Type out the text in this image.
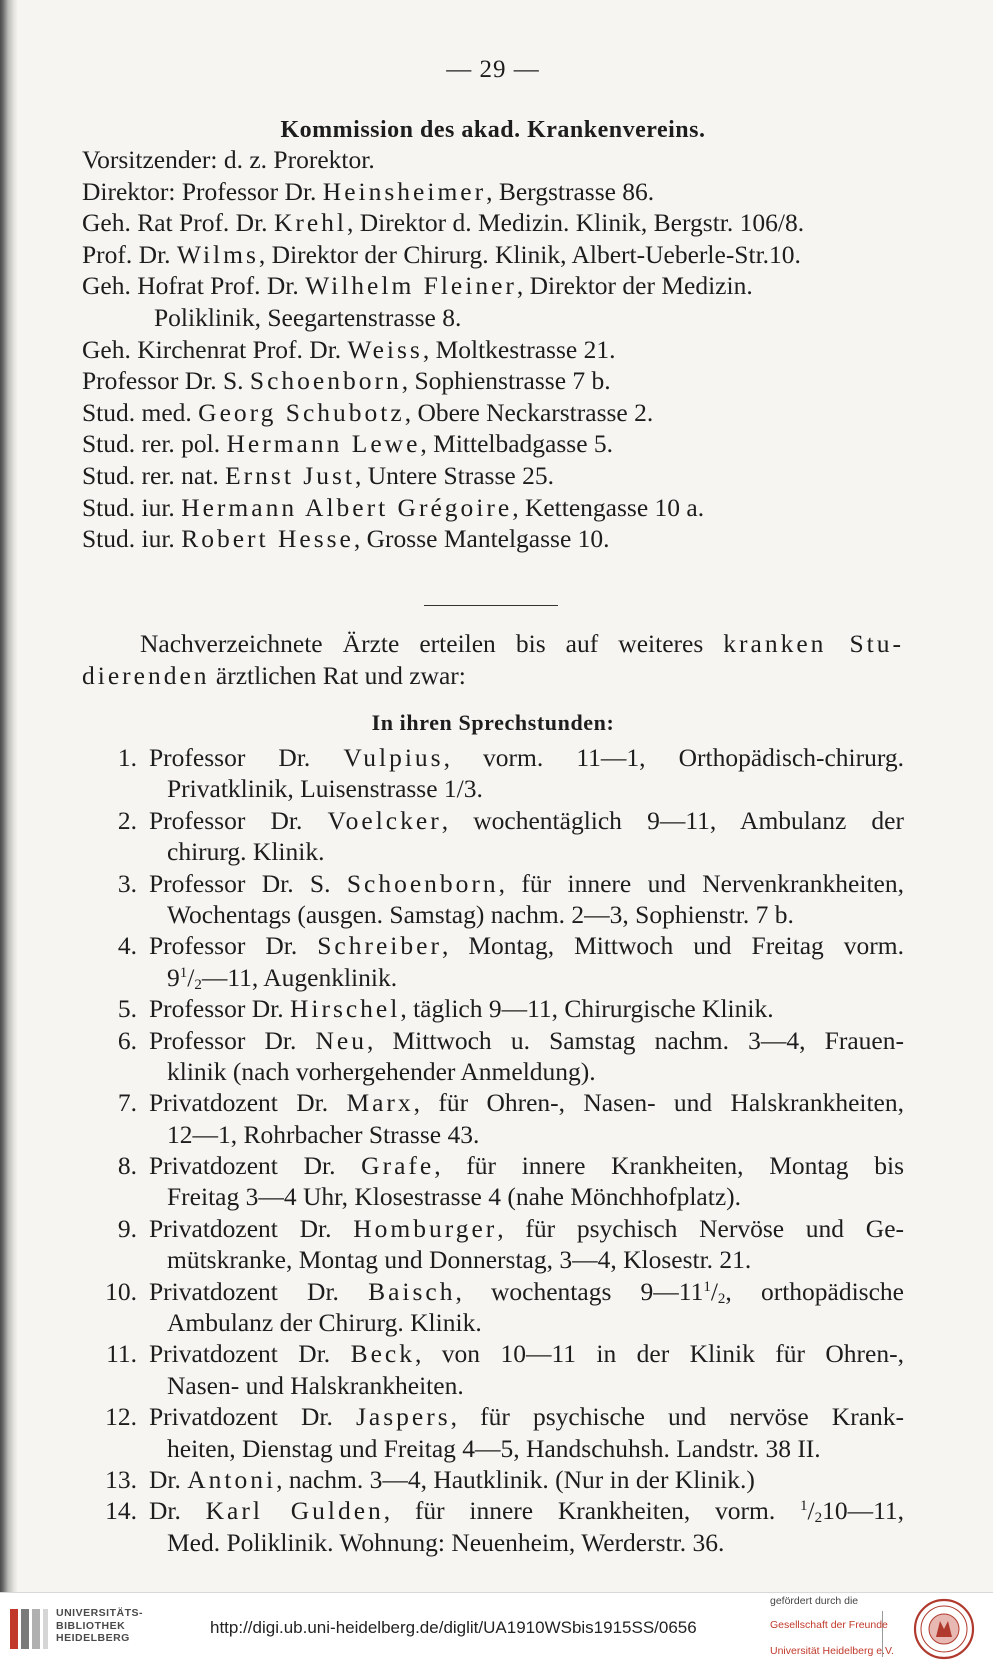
— 29 —
Kommission des akad. Krankenvereins.
Vorsitzender: d. z. Prorektor.
Direktor: Professor Dr. Heinsheimer, Bergstrasse 86.
Geh. Rat Prof. Dr. Krehl, Direktor d. Medizin. Klinik, Bergstr. 106/8.
Prof. Dr. Wilms, Direktor der Chirurg. Klinik, Albert-Ueberle-Str.10.
Geh. Hofrat Prof. Dr. Wilhelm Fleiner, Direktor der Medizin.
Poliklinik, Seegartenstrasse 8.
Geh. Kirchenrat Prof. Dr. Weiss, Moltkestrasse 21.
Professor Dr. S. Schoenborn, Sophienstrasse 7 b.
Stud. med. Georg Schubotz, Obere Neckarstrasse 2.
Stud. rer. pol. Hermann Lewe, Mittelbadgasse 5.
Stud. rer. nat. Ernst Just, Untere Strasse 25.
Stud. iur. Hermann Albert Grégoire, Kettengasse 10 a.
Stud. iur. Robert Hesse, Grosse Mantelgasse 10.
Nachverzeichnete Ärzte erteilen bis auf weiteres kranken Stu-
dierenden ärztlichen Rat und zwar:
In ihren Sprechstunden:
1. Professor Dr. Vulpius, vorm. 11—1, Orthopädisch-chirurg.
Privatklinik, Luisenstrasse 1/3.
2. Professor Dr. Voelcker, wochentäglich 9—11, Ambulanz der
chirurg. Klinik.
3. Professor Dr. S. Schoenborn, für innere und Nervenkrankheiten,
Wochentags (ausgen. Samstag) nachm. 2—3, Sophienstr. 7 b.
4. Professor Dr. Schreiber, Montag, Mittwoch und Freitag vorm.
$9^1/_2—11$, Augenklinik.
5. Professor Dr. Hirschel, täglich 9—11, Chirurgische Klinik.
6. Professor Dr. Neu, Mittwoch u. Samstag nachm. 3—4, Frauen-
klinik (nach vorhergehender Anmeldung).
7. Privatdozent Dr. Marx, für Ohren-, Nasen- und Halskrankheiten,
12—1, Rohrbacher Strasse 43.
8. Privatdozent Dr. Grafe, für innere Krankheiten, Montag bis
Freitag 3—4 Uhr, Klosestrasse 4 (nahe Mönchhofplatz).
9. Privatdozent Dr. Homburger, für psychisch Nervöse und Ge-
mütskranke, Montag und Donnerstag, 3—4, Klosestr. 21.
10. Privatdozent Dr. Baisch, wochentags $9—11^1/_2$, orthopädische
Ambulanz der Chirurg. Klinik.
11. Privatdozent Dr. Beck, von 10—11 in der Klinik für Ohren-,
Nasen- und Halskrankheiten.
12. Privatdozent Dr. Jaspers, für psychische und nervöse Krank-
heiten, Dienstag und Freitag 4—5, Handschuhsh. Landstr. 38 II.
13. Dr. Antoni, nachm. 3—4, Hautklinik. (Nur in der Klinik.)
14. Dr. Karl Gulden, für innere Krankheiten, vorm. $^1/_210—11$,
Med. Poliklinik. Wohnung: Neuenheim, Werderstr. 36.
UNIVERSITÄTS-
BIBLIOTHEK
HEIDELBERG
http://digi.ub.uni-heidelberg.de/diglit/UA1910WSbis1915SS/0656
gefördert durch die
Gesellschaft der Freunde
Universität Heidelberg e.V.
